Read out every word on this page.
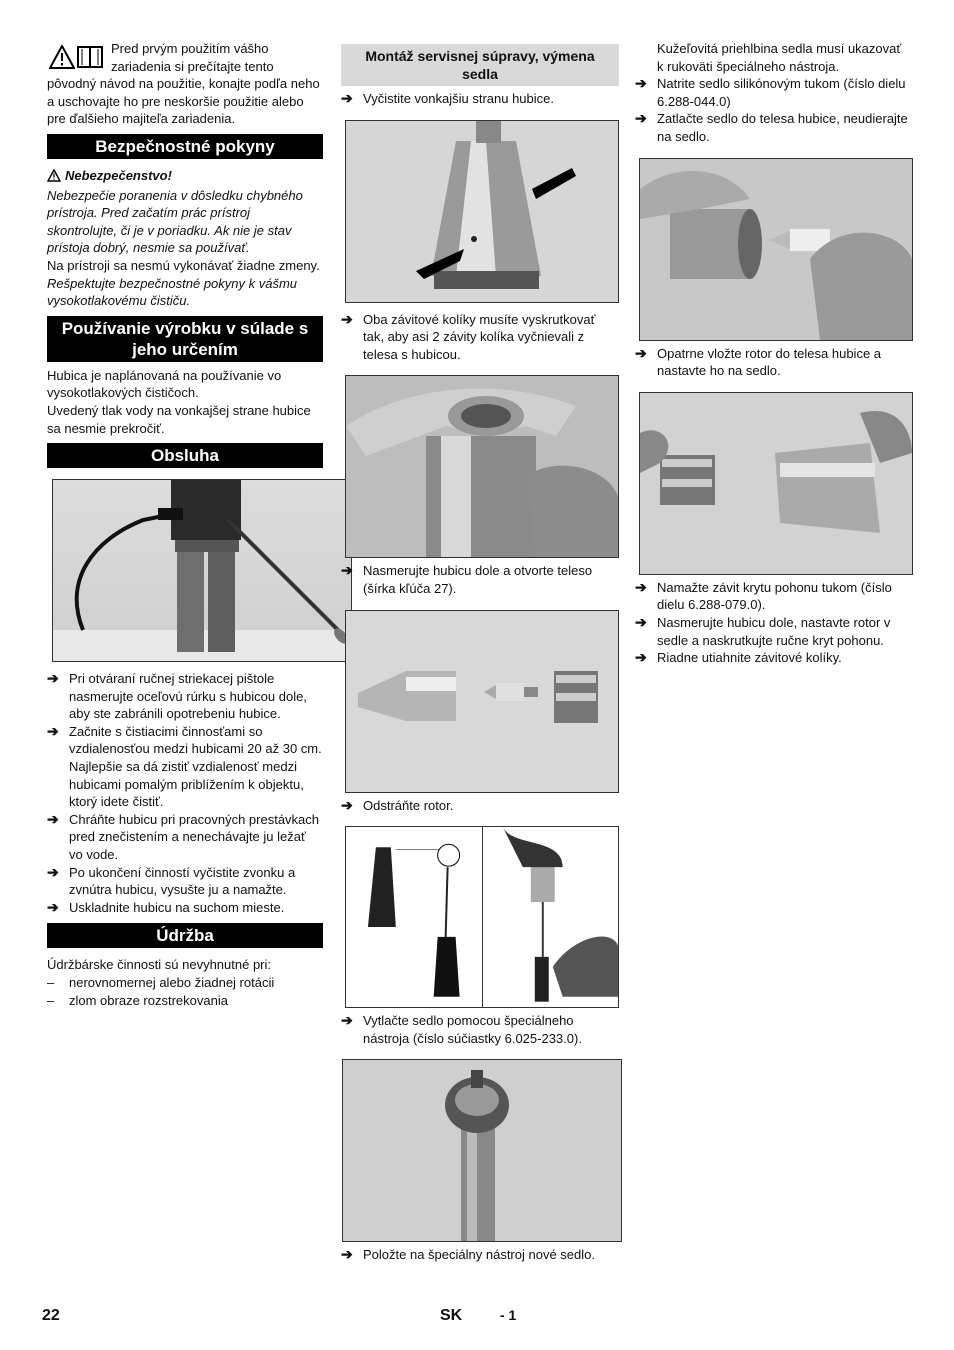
Pred prvým použitím vášho zariadenia si prečítajte tento pôvodný návod na použitie, konajte podľa neho a uschovajte ho pre neskoršie použitie alebo pre ďalšieho majiteľa zariadenia.

Bezpečnostné pokyny
Nebezpečenstvo!

Nebezpečie poranenia v dôsledku chybného prístroja. Pred začatím prác prístroj skontrolujte, či je v poriadku. Ak nie je stav prístoja dobrý, nesmie sa používať.

Na prístroji sa nesmú vykonávať žiadne zmeny.

Rešpektujte bezpečnostné pokyny k vášmu vysokotlakovému čističu.

Používanie výrobku v súlade s jeho určením

Hubica je naplánovaná na používanie vo vysokotlakových čističoch.

Uvedený tlak vody na vonkajšej strane hubice sa nesmie prekročiť.

Obsluha
➔ Pri otváraní ručnej striekacej pištole nasmerujte oceľovú rúrku s hubicou dole, aby ste zabránili opotrebeniu hubice.
➔ Začnite s čistiacimi činnosťami so vzdialenosťou medzi hubicami 20 až 30 cm.

Najlepšie sa dá zistiť vzdialenosť medzi hubicami pomalým priblížením k objektu, ktorý idete čistiť.

➔ Chráňte hubicu pri pracovných prestávkach pred znečistením a nenechávajte ju ležať vo vode.
➔ Po ukončení činností vyčistite zvonku a zvnútra hubicu, vysušte ju a namažte.
➔ Uskladnite hubicu na suchom mieste.
Údržba

Údržbárske činnosti sú nevyhnutné pri:

–	nerovnomernej alebo žiadnej rotácii
–	zlom obraze rozstrekovania
Montáž servisnej súpravy, výmena sedla
➔ Vyčistite vonkajšiu stranu hubice.
➔ Oba závitové kolíky musíte vyskrutkovať tak, aby asi 2 závity kolíka vyčnievali z telesa s hubicou.
➔ Nasmerujte hubicu dole a otvorte teleso (šírka kľúča 27).
➔ Odstráňte rotor.
➔ Vytlačte sedlo pomocou špeciálneho nástroja (číslo súčiastky 6.025-233.0).
➔ Položte na špeciálny nástroj nové sedlo.

Kužeľovitá priehlbina sedla musí ukazovať k rukoväti špeciálneho nástroja.

➔ Natrite sedlo silikónovým tukom (číslo dielu 6.288-044.0)
➔ Zatlačte sedlo do telesa hubice, neudierajte na sedlo.
➔ Opatrne vložte rotor do telesa hubice a nastavte ho na sedlo.
➔ Namažte závit krytu pohonu tukom (číslo dielu 6.288-079.0).
➔ Nasmerujte hubicu dole, nastavte rotor v sedle a naskrutkujte ručne kryt pohonu.
➔ Riadne utiahnite závitové kolíky.
22	SK	- 1
